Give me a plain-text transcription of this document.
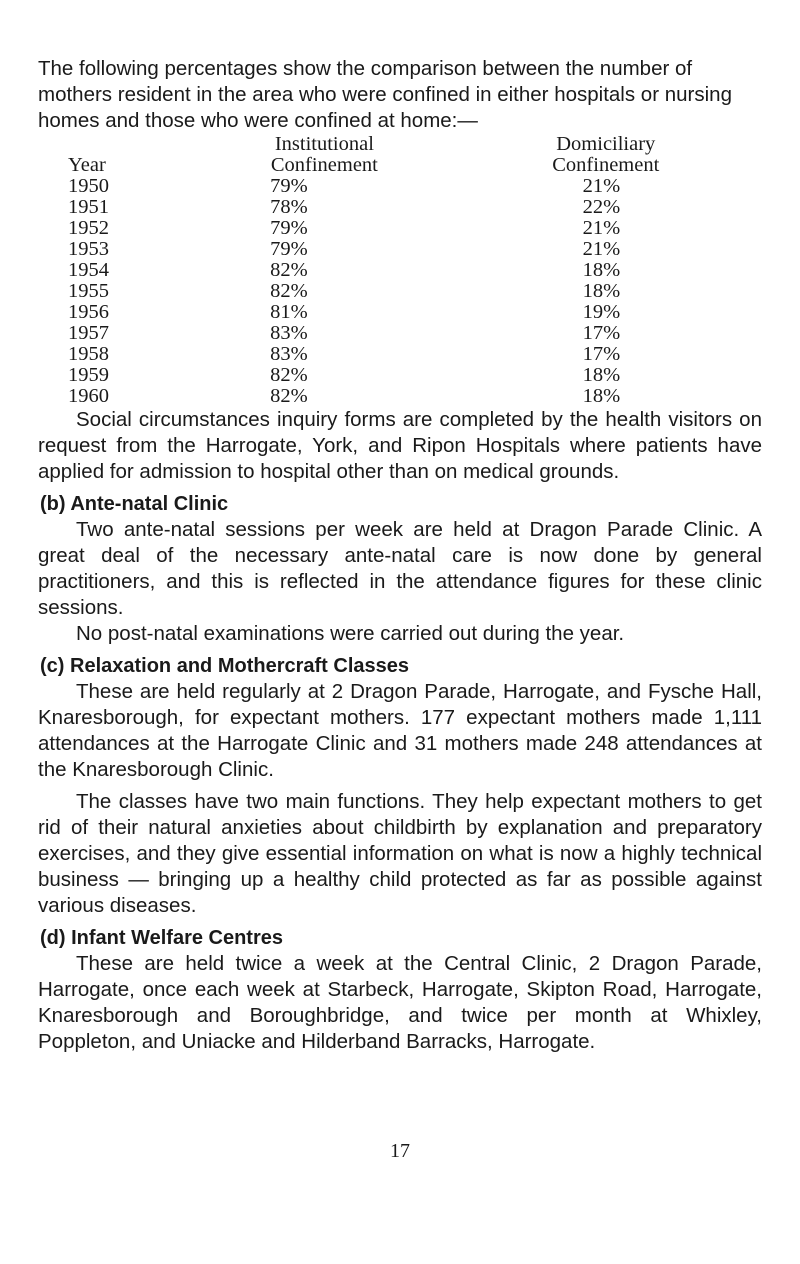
The following percentages show the comparison between the number of mothers resident in the area who were confined in either hospitals or nursing homes and those who were confined at home:—

	Institutional	Domiciliary
Year	Confinement	Confinement
1950	79%	21%
1951	78%	22%
1952	79%	21%
1953	79%	21%
1954	82%	18%
1955	82%	18%
1956	81%	19%
1957	83%	17%
1958	83%	17%
1959	82%	18%
1960	82%	18%

Social circumstances inquiry forms are completed by the health visitors on request from the Harrogate, York, and Ripon Hospitals where patients have applied for admission to hospital other than on medical grounds.

(b) Ante-natal Clinic

Two ante-natal sessions per week are held at Dragon Parade Clinic. A great deal of the necessary ante-natal care is now done by general practitioners, and this is reflected in the attendance figures for these clinic sessions.

No post-natal examinations were carried out during the year.

(c) Relaxation and Mothercraft Classes

These are held regularly at 2 Dragon Parade, Harrogate, and Fysche Hall, Knaresborough, for expectant mothers. 177 expectant mothers made 1,111 attendances at the Harrogate Clinic and 31 mothers made 248 attendances at the Knaresborough Clinic.

The classes have two main functions. They help expectant mothers to get rid of their natural anxieties about childbirth by explanation and preparatory exercises, and they give essential information on what is now a highly technical business — bringing up a healthy child protected as far as possible against various diseases.

(d) Infant Welfare Centres

These are held twice a week at the Central Clinic, 2 Dragon Parade, Harrogate, once each week at Starbeck, Harrogate, Skipton Road, Harrogate, Knaresborough and Boroughbridge, and twice per month at Whixley, Poppleton, and Uniacke and Hilderband Barracks, Harrogate.

17
